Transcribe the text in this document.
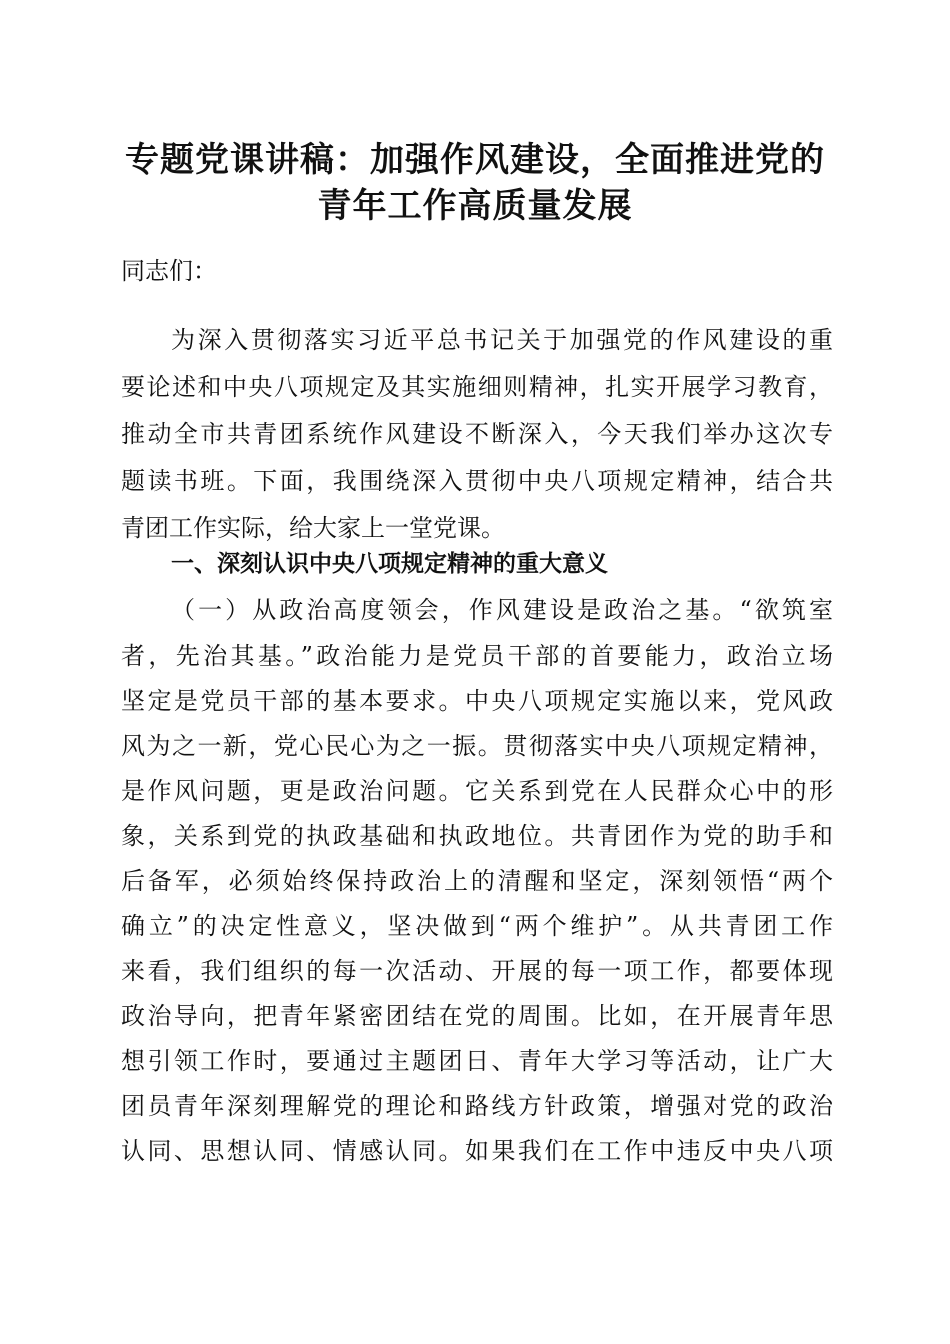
专题党课讲稿：加强作风建设，全面推进党的
青年工作高质量发展
同志们：
为深入贯彻落实习近平总书记关于加强党的作风建设的重
要论述和中央八项规定及其实施细则精神，扎实开展学习教育，
推动全市共青团系统作风建设不断深入，今天我们举办这次专
题读书班。下面，我围绕深入贯彻中央八项规定精神，结合共
青团工作实际，给大家上一堂党课。
一、深刻认识中央八项规定精神的重大意义
（一）从政治高度领会，作风建设是政治之基。“欲筑室
者，先治其基。”政治能力是党员干部的首要能力，政治立场
坚定是党员干部的基本要求。中央八项规定实施以来，党风政
风为之一新，党心民心为之一振。贯彻落实中央八项规定精神，
是作风问题，更是政治问题。它关系到党在人民群众心中的形
象，关系到党的执政基础和执政地位。共青团作为党的助手和
后备军，必须始终保持政治上的清醒和坚定，深刻领悟“两个
确立”的决定性意义，坚决做到“两个维护”。从共青团工作
来看，我们组织的每一次活动、开展的每一项工作，都要体现
政治导向，把青年紧密团结在党的周围。比如，在开展青年思
想引领工作时，要通过主题团日、青年大学习等活动，让广大
团员青年深刻理解党的理论和路线方针政策，增强对党的政治
认同、思想认同、情感认同。如果我们在工作中违反中央八项
